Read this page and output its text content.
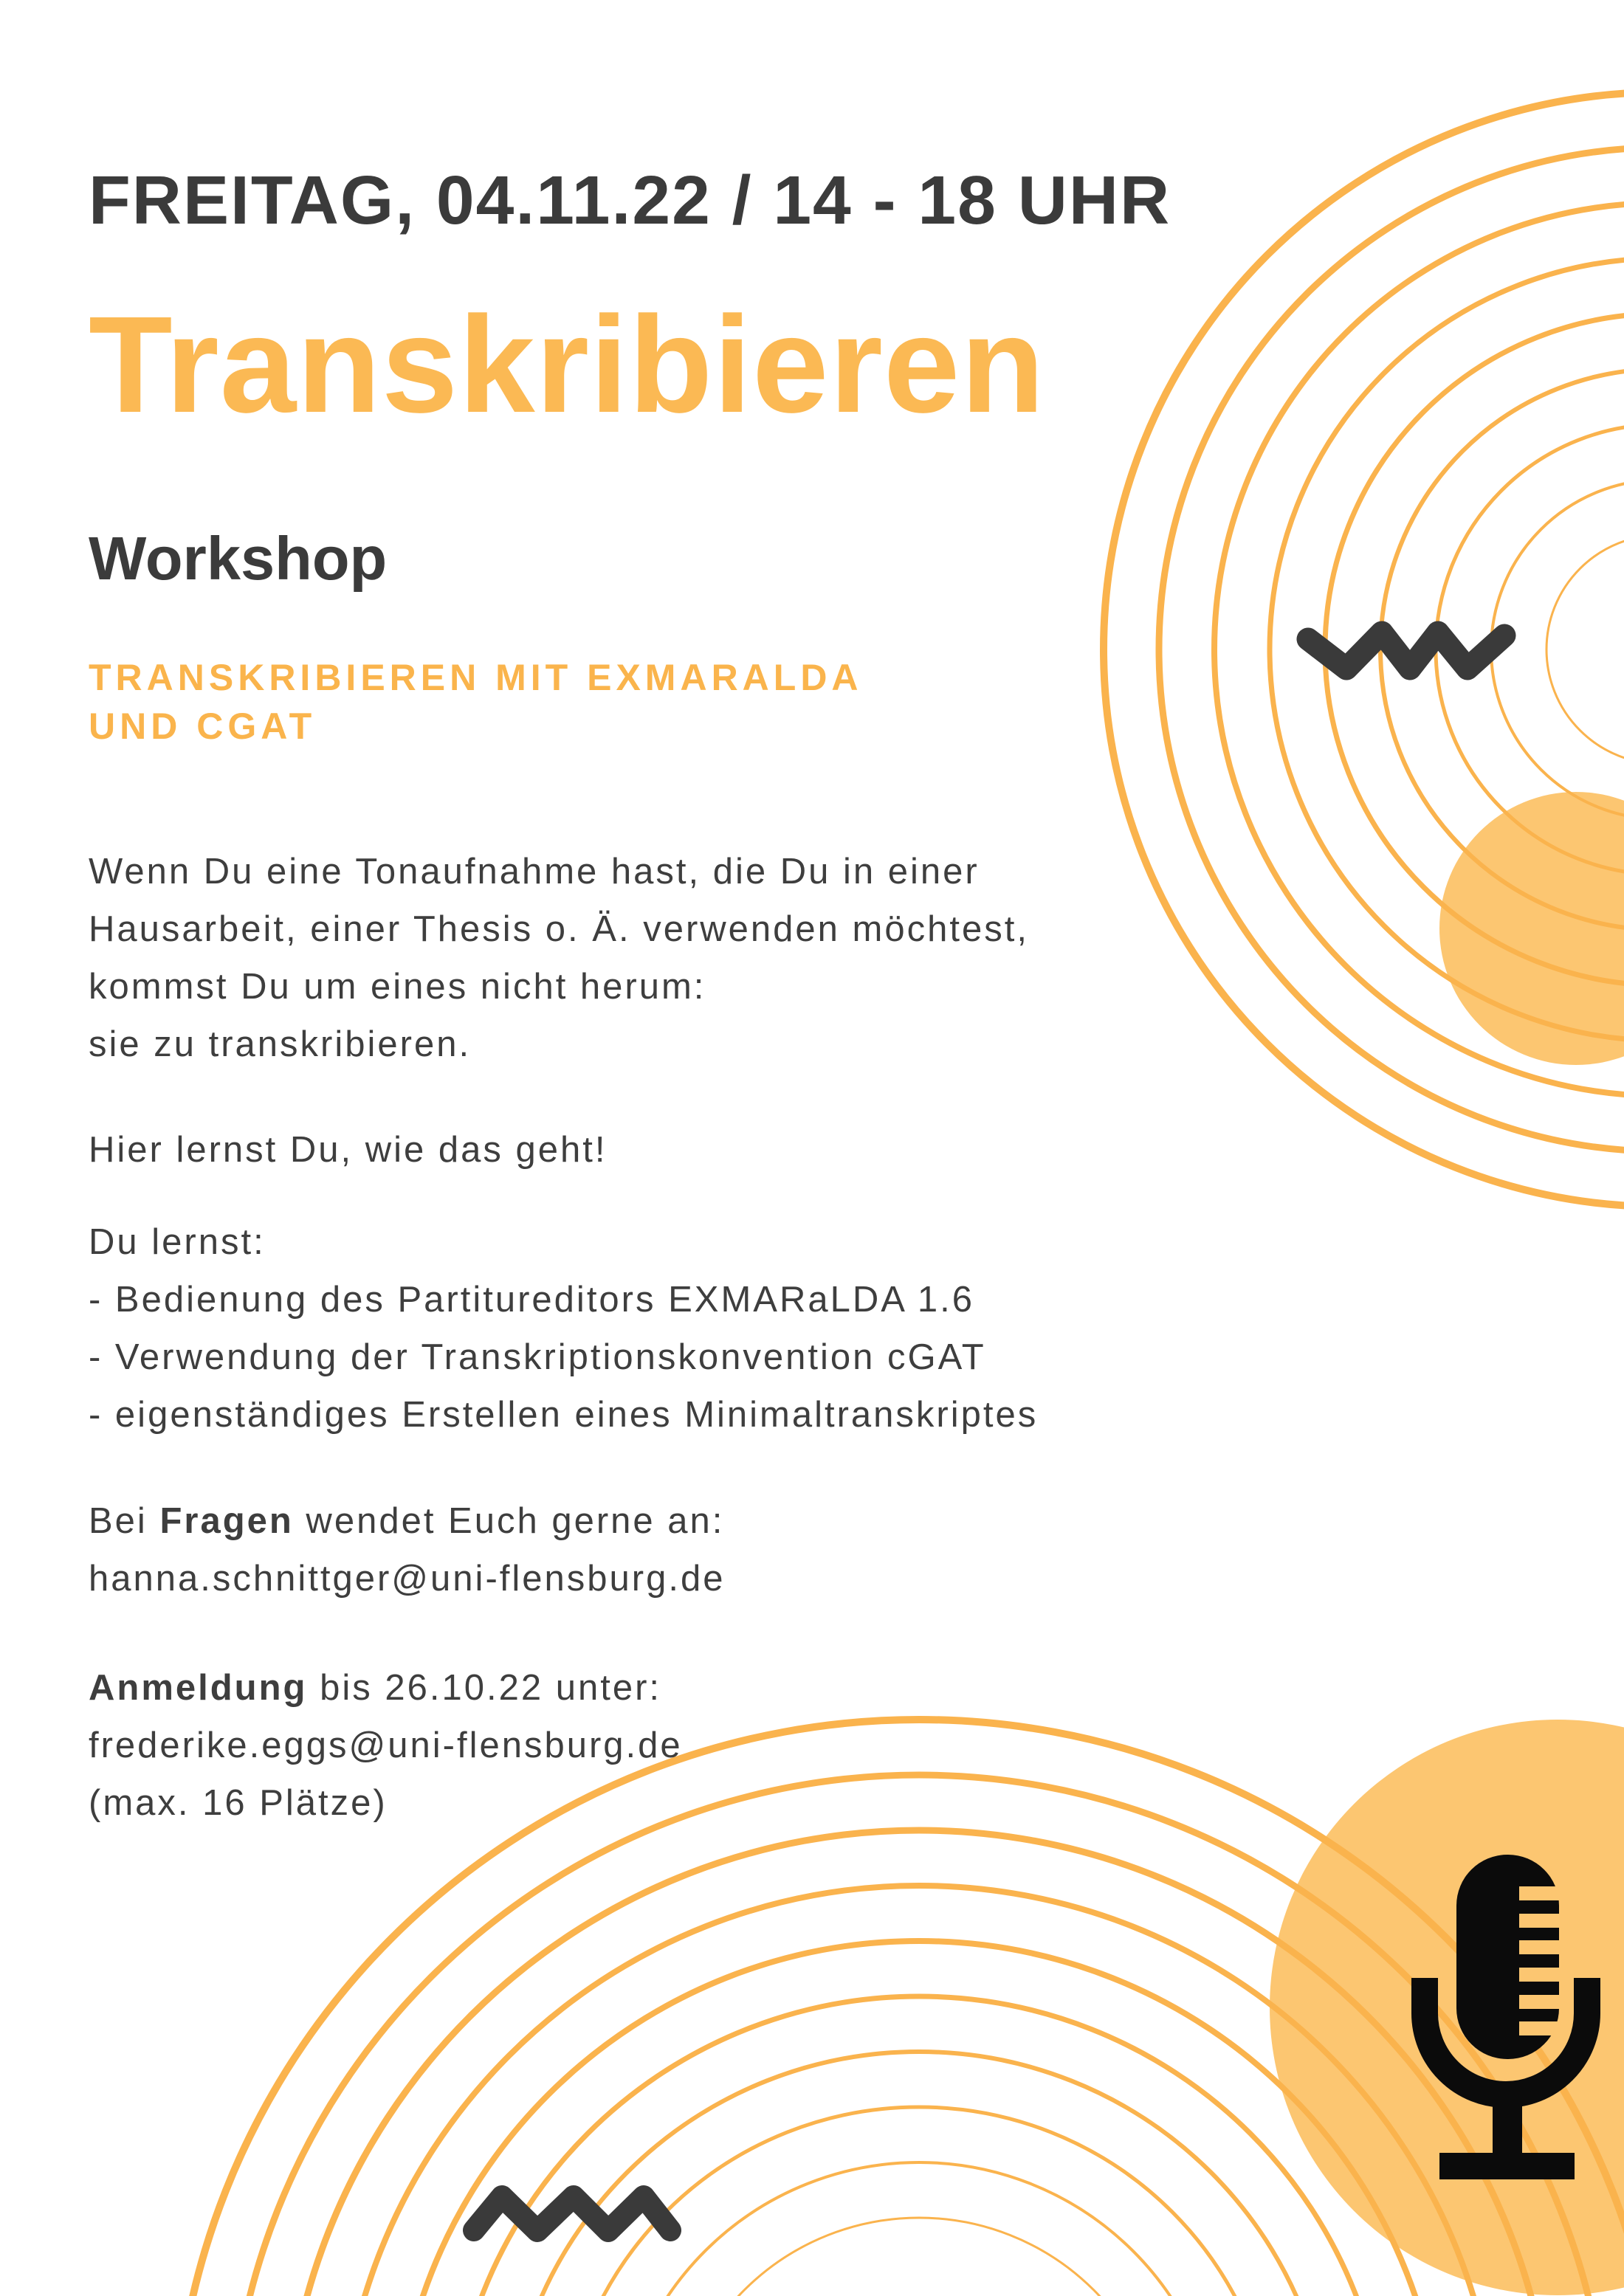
FREITAG, 04.11.22 / 14 - 18 UHR
Transkribieren
Workshop
TRANSKRIBIEREN MIT EXMARALDA
UND CGAT
Wenn Du eine Tonaufnahme hast, die Du in einer
Hausarbeit, einer Thesis o. Ä. verwenden möchtest,
kommst Du um eines nicht herum:
sie zu transkribieren.
Hier lernst Du, wie das geht!
Du lernst:
- Bedienung des Partitureditors EXMARaLDA 1.6
- Verwendung der Transkriptionskonvention cGAT
- eigenständiges Erstellen eines Minimaltranskriptes
Bei Fragen wendet Euch gerne an:
hanna.schnittger@uni-flensburg.de
Anmeldung bis 26.10.22 unter:
frederike.eggs@uni-flensburg.de
(max. 16 Plätze)
